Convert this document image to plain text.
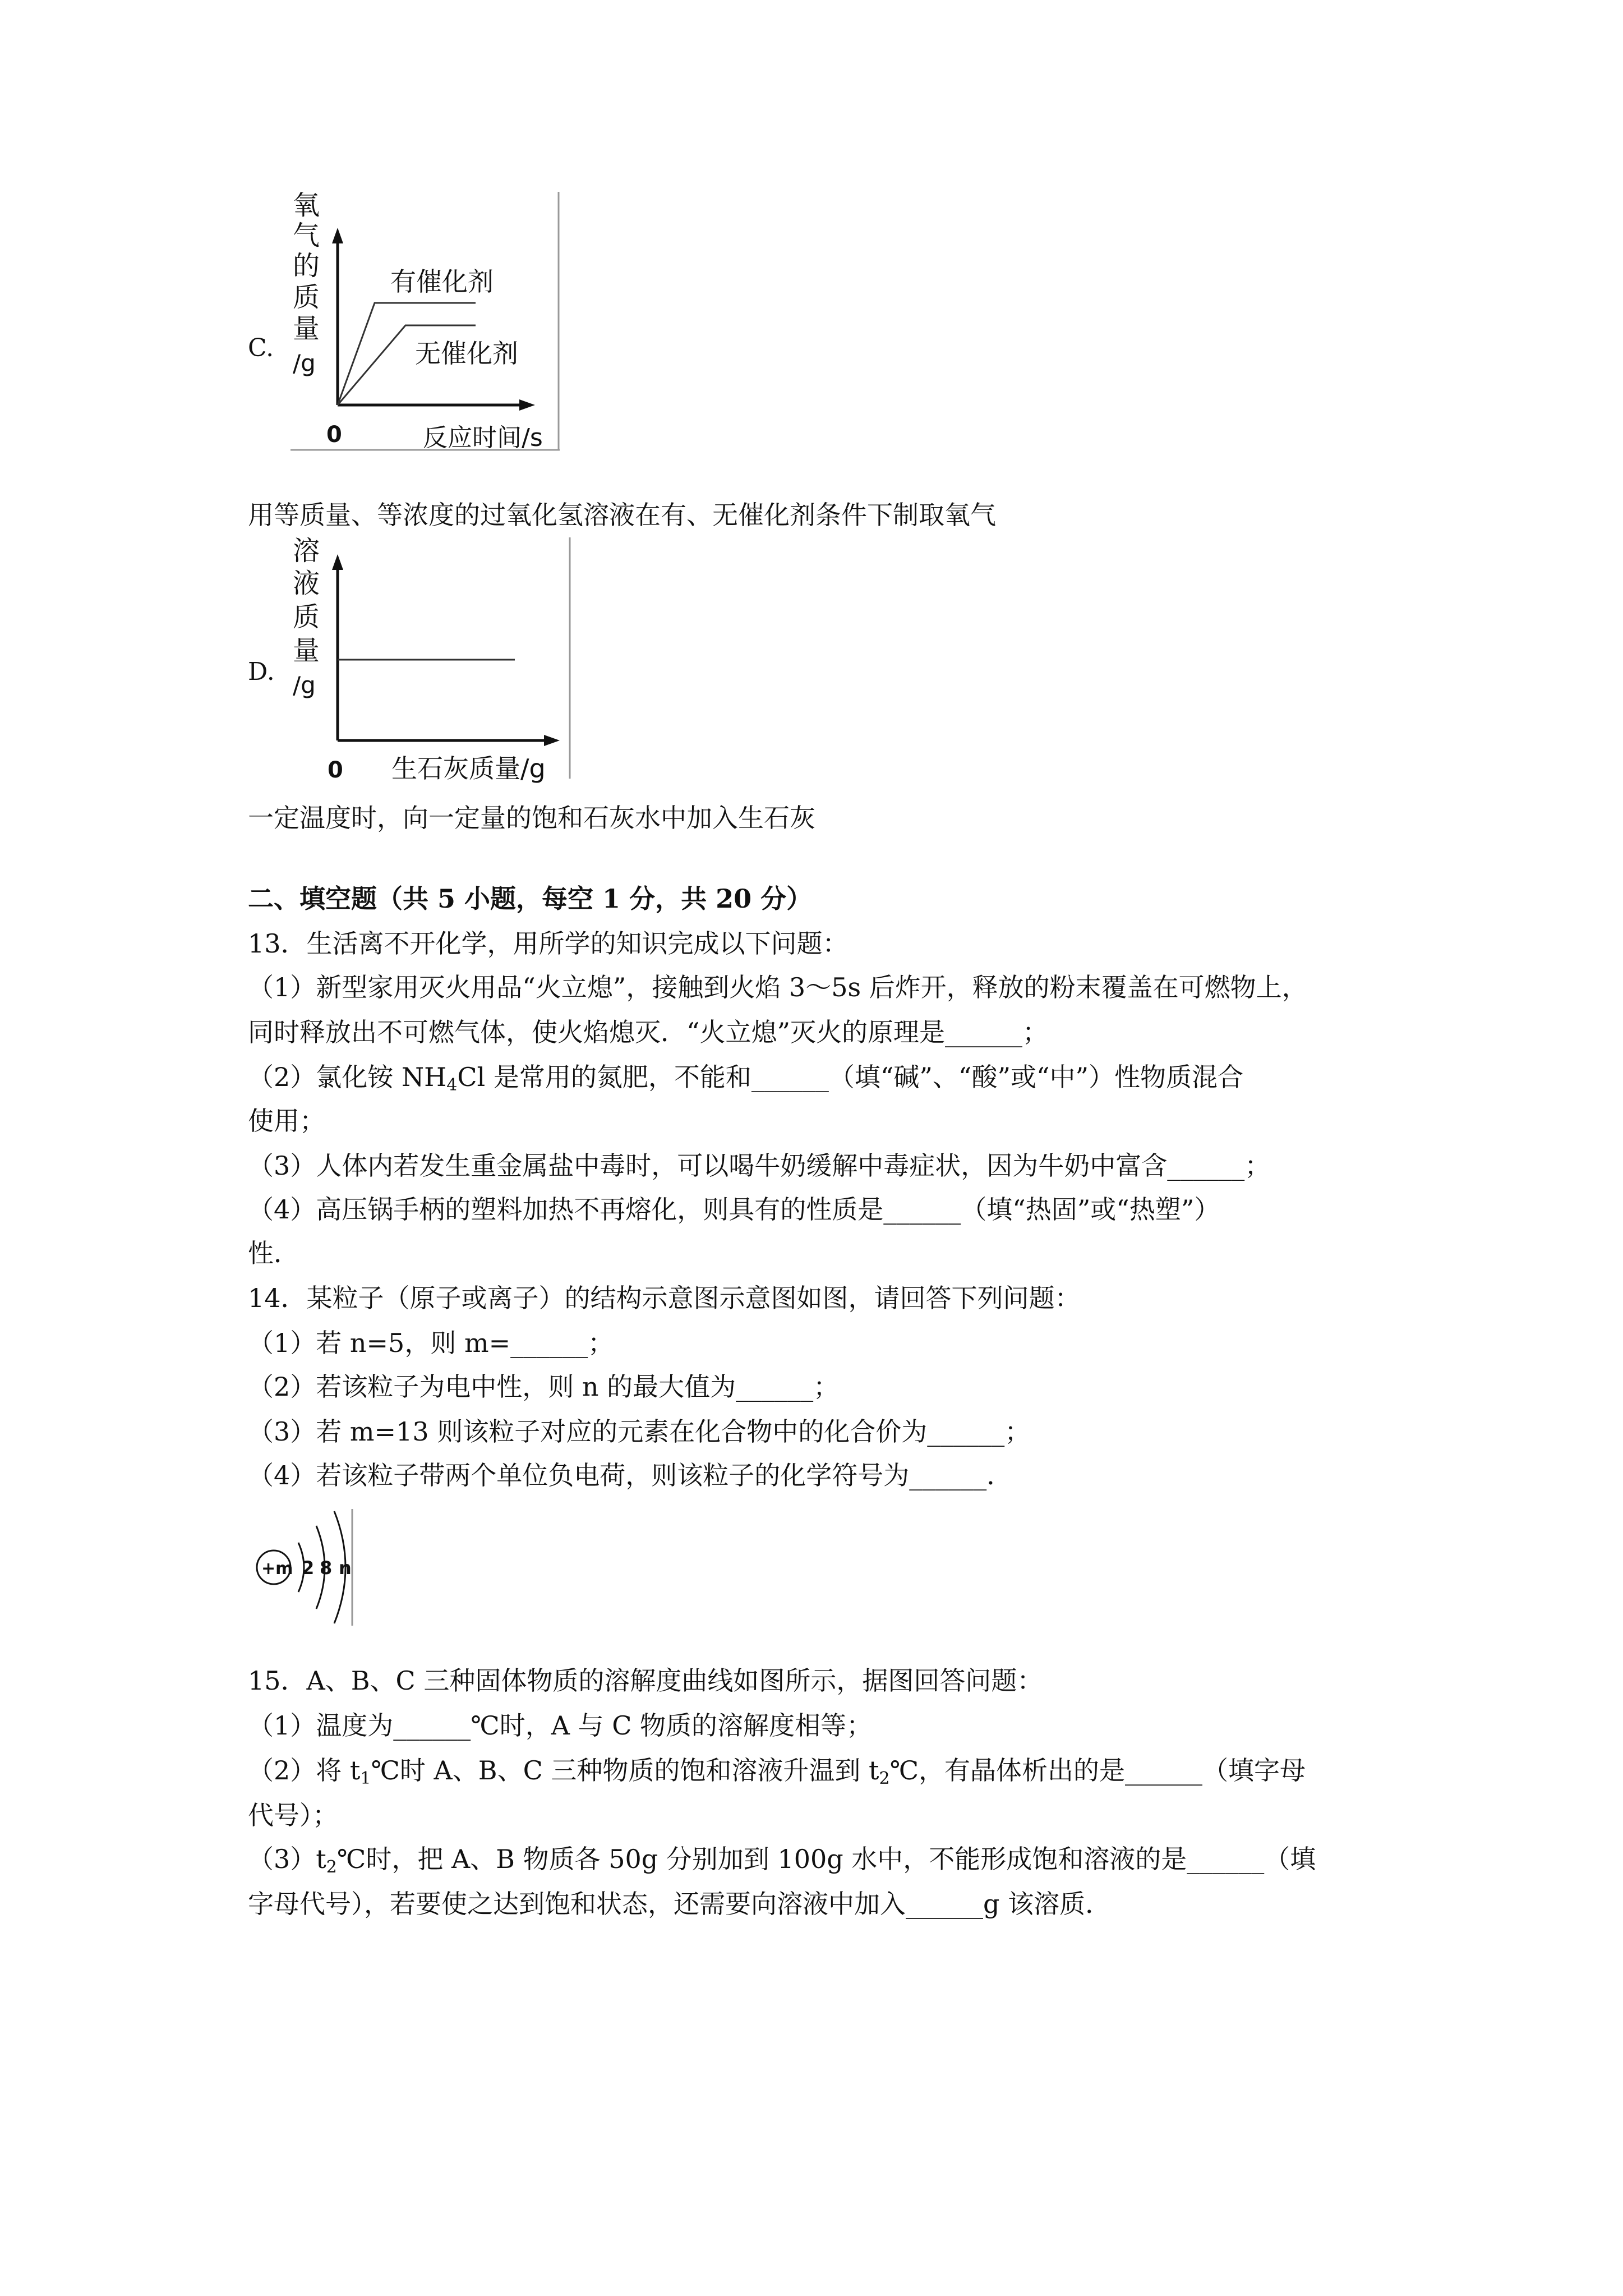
C.
氧
气
的
质
量
/g
0	反应时间/s
有催化剂
无催化剂
用等质量、等浓度的过氧化氢溶液在有、无催化剂条件下制取氧气
D.
溶
液
质
量
/g
0 生石灰质量/g
一定温度时，向一定量的饱和石灰水中加入生石灰
二、填空题（共 5 小题，每空 1 分，共 20 分）
13．生活离不开化学，用所学的知识完成以下问题：
（1）新型家用灭火用品“火立熄”，接触到火焰 3～5s 后炸开，释放的粉末覆盖在可燃物上，
同时释放出不可燃气体，使火焰熄灭．“火立熄”灭火的原理是______；
（2）氯化铵 $NH_4Cl$ 是常用的氮肥，不能和______（填“碱”、“酸”或“中”）性物质混合
使用；
（3）人体内若发生重金属盐中毒时，可以喝牛奶缓解中毒症状，因为牛奶中富含______；
（4）高压锅手柄的塑料加热不再熔化，则具有的性质是______（填“热固”或“热塑”）
性．
14．某粒子（原子或离子）的结构示意图示意图如图，请回答下列问题：
（1）若 n=5，则 m=______；
（2）若该粒子为电中性，则 n 的最大值为______；
（3）若 m=13 则该粒子对应的元素在化合物中的化合价为______；
（4）若该粒子带两个单位负电荷，则该粒子的化学符号为______．
+m 2 8 n
15．A、B、C 三种固体物质的溶解度曲线如图所示，据图回答问题：
（1）温度为______℃时，A 与 C 物质的溶解度相等；
（2）将 $t_1℃$时 A、B、C 三种物质的饱和溶液升温到 $t_2℃$，有晶体析出的是______（填字母
代号）；
$(3)t_2℃$时，把 A、B 物质各 50g 分别加到 100g 水中，不能形成饱和溶液的是______（填
字母代号），若要使之达到饱和状态，还需要向溶液中加入______g 该溶质．
